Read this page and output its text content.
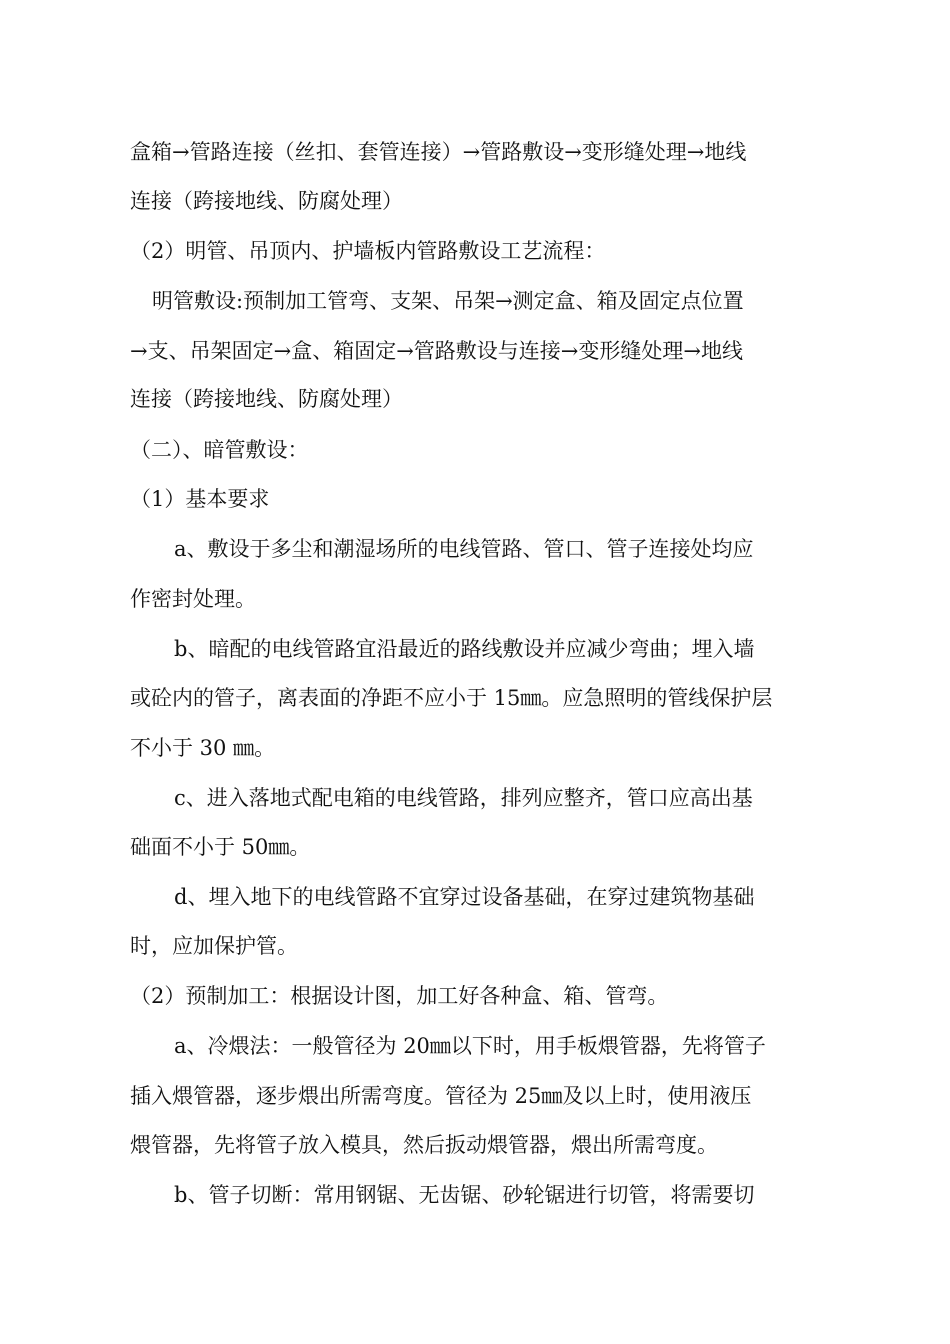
盒箱→管路连接（丝扣、套管连接）→管路敷设→变形缝处理→地线
连接（跨接地线、防腐处理）
（2）明管、吊顶内、护墙板内管路敷设工艺流程：
明管敷设:预制加工管弯、支架、吊架→测定盒、箱及固定点位置
→支、吊架固定→盒、箱固定→管路敷设与连接→变形缝处理→地线
连接（跨接地线、防腐处理）
（二）、暗管敷设：
（1）基本要求
a、敷设于多尘和潮湿场所的电线管路、管口、管子连接处均应
作密封处理。
b、暗配的电线管路宜沿最近的路线敷设并应减少弯曲；埋入墙
或砼内的管子，离表面的净距不应小于 15㎜。应急照明的管线保护层
不小于 30 ㎜。
c、进入落地式配电箱的电线管路，排列应整齐，管口应高出基
础面不小于 50㎜。
d、埋入地下的电线管路不宜穿过设备基础，在穿过建筑物基础
时，应加保护管。
（2）预制加工：根据设计图，加工好各种盒、箱、管弯。
a、冷煨法：一般管径为 20㎜以下时，用手板煨管器，先将管子
插入煨管器，逐步煨出所需弯度。管径为 25㎜及以上时，使用液压
煨管器，先将管子放入模具，然后扳动煨管器，煨出所需弯度。
b、管子切断：常用钢锯、无齿锯、砂轮锯进行切管，将需要切
